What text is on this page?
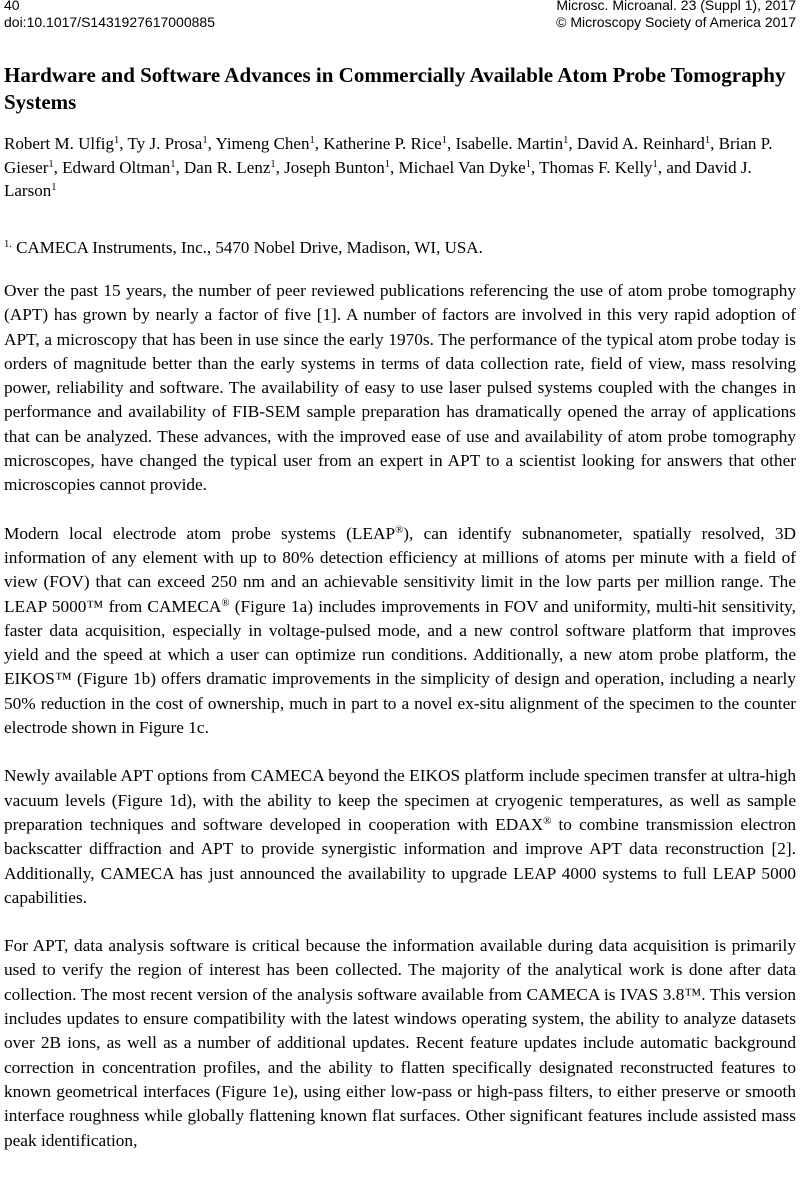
40
doi:10.1017/S1431927617000885
Microsc. Microanal. 23 (Suppl 1), 2017
© Microscopy Society of America 2017
Hardware and Software Advances in Commercially Available Atom Probe Tomography Systems
Robert M. Ulfig$^1$, Ty J. Prosa$^1$, Yimeng Chen$^1$, Katherine P. Rice$^1$, Isabelle. Martin$^1$, David A. Reinhard$^1$, Brian P. Gieser$^1$, Edward Oltman$^1$, Dan R. Lenz$^1$, Joseph Bunton$^1$, Michael Van Dyke$^1$, Thomas F. Kelly$^1$, and David J. Larson$^1$
$^{1.}$ CAMECA Instruments, Inc., 5470 Nobel Drive, Madison, WI, USA.

Over the past 15 years, the number of peer reviewed publications referencing the use of atom probe tomography (APT) has grown by nearly a factor of five [1]. A number of factors are involved in this very rapid adoption of APT, a microscopy that has been in use since the early 1970s. The performance of the typical atom probe today is orders of magnitude better than the early systems in terms of data collection rate, field of view, mass resolving power, reliability and software. The availability of easy to use laser pulsed systems coupled with the changes in performance and availability of FIB-SEM sample preparation has dramatically opened the array of applications that can be analyzed. These advances, with the improved ease of use and availability of atom probe tomography microscopes, have changed the typical user from an expert in APT to a scientist looking for answers that other microscopies cannot provide.

Modern local electrode atom probe systems (LEAP®), can identify subnanometer, spatially resolved, 3D information of any element with up to 80% detection efficiency at millions of atoms per minute with a field of view (FOV) that can exceed 250 nm and an achievable sensitivity limit in the low parts per million range. The LEAP 5000™ from CAMECA® (Figure 1a) includes improvements in FOV and uniformity, multi-hit sensitivity, faster data acquisition, especially in voltage-pulsed mode, and a new control software platform that improves yield and the speed at which a user can optimize run conditions. Additionally, a new atom probe platform, the EIKOS™ (Figure 1b) offers dramatic improvements in the simplicity of design and operation, including a nearly 50% reduction in the cost of ownership, much in part to a novel ex-situ alignment of the specimen to the counter electrode shown in Figure 1c.

Newly available APT options from CAMECA beyond the EIKOS platform include specimen transfer at ultra-high vacuum levels (Figure 1d), with the ability to keep the specimen at cryogenic temperatures, as well as sample preparation techniques and software developed in cooperation with EDAX® to combine transmission electron backscatter diffraction and APT to provide synergistic information and improve APT data reconstruction [2]. Additionally, CAMECA has just announced the availability to upgrade LEAP 4000 systems to full LEAP 5000 capabilities.

For APT, data analysis software is critical because the information available during data acquisition is primarily used to verify the region of interest has been collected. The majority of the analytical work is done after data collection. The most recent version of the analysis software available from CAMECA is IVAS 3.8™. This version includes updates to ensure compatibility with the latest windows operating system, the ability to analyze datasets over 2B ions, as well as a number of additional updates. Recent feature updates include automatic background correction in concentration profiles, and the ability to flatten specifically designated reconstructed features to known geometrical interfaces (Figure 1e), using either low-pass or high-pass filters, to either preserve or smooth interface roughness while globally flattening known flat surfaces. Other significant features include assisted mass peak identification,
